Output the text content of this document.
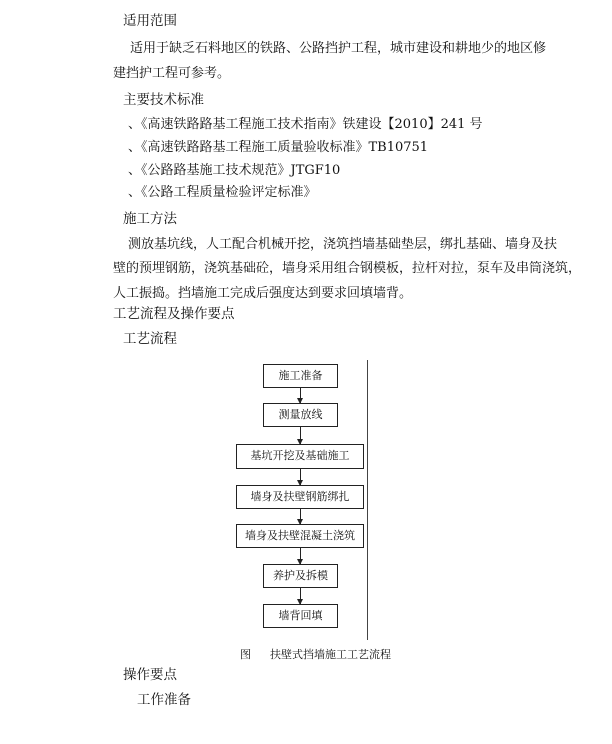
适用范围
适用于缺乏石料地区的铁路、公路挡护工程，城市建设和耕地少的地区修
建挡护工程可参考。
主要技术标准
、《高速铁路路基工程施工技术指南》铁建设【2010】241 号
、《高速铁路路基工程施工质量验收标准》TB10751
、《公路路基施工技术规范》JTGF10
、《公路工程质量检验评定标准》
施工方法
测放基坑线，人工配合机械开挖，浇筑挡墙基础垫层，绑扎基础、墙身及扶
壁的预埋钢筋，浇筑基础砼，墙身采用组合钢模板，拉杆对拉，泵车及串筒浇筑，
人工振捣。挡墙施工完成后强度达到要求回填墙背。
工艺流程及操作要点
工艺流程
施工准备
测量放线
基坑开挖及基础施工
墙身及扶壁钢筋绑扎
墙身及扶壁混凝土浇筑
养护及拆模
墙背回填
图 扶壁式挡墙施工工艺流程
操作要点
工作准备
